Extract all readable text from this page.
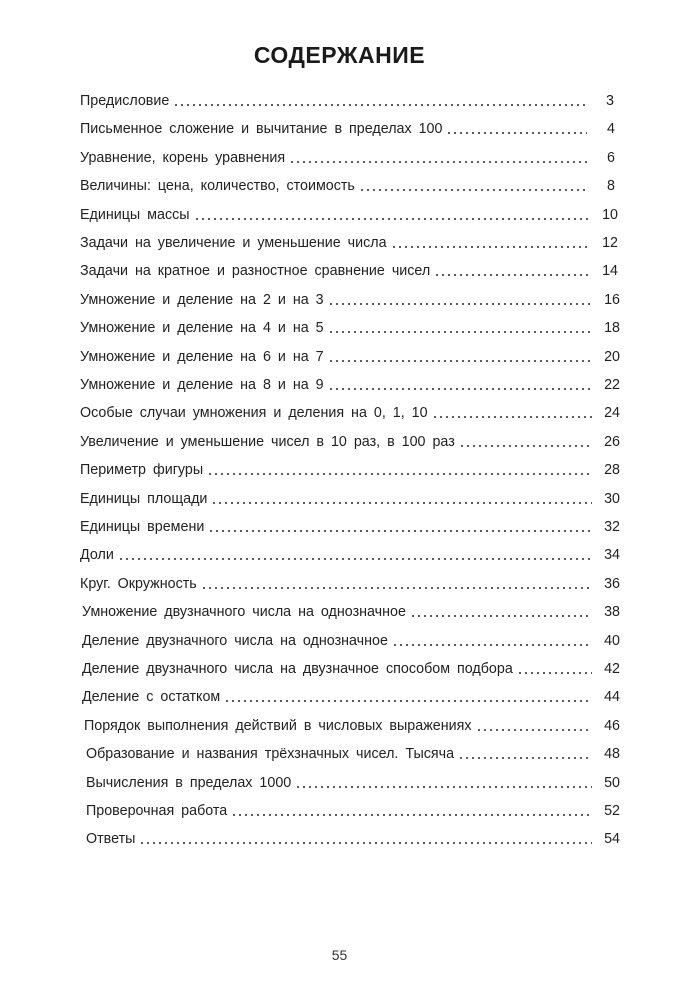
СОДЕРЖАНИЕ
Предисловие	3
Письменное сложение и вычитание в пределах 100	4
Уравнение, корень уравнения	6
Величины: цена, количество, стоимость	8
Единицы массы	10
Задачи на увеличение и уменьшение числа	12
Задачи на кратное и разностное сравнение чисел	14
Умножение и деление на 2 и на 3	16
Умножение и деление на 4 и на 5	18
Умножение и деление на 6 и на 7	20
Умножение и деление на 8 и на 9	22
Особые случаи умножения и деления на 0, 1, 10	24
Увеличение и уменьшение чисел в 10 раз, в 100 раз	26
Периметр фигуры	28
Единицы площади	30
Единицы времени	32
Доли	34
Круг. Окружность	36
Умножение двузначного числа на однозначное	38
Деление двузначного числа на однозначное	40
Деление двузначного числа на двузначное способом подбора	42
Деление с остатком	44
Порядок выполнения действий в числовых выражениях	46
Образование и названия трёхзначных чисел. Тысяча	48
Вычисления в пределах 1000	50
Проверочная работа	52
Ответы	54
55
